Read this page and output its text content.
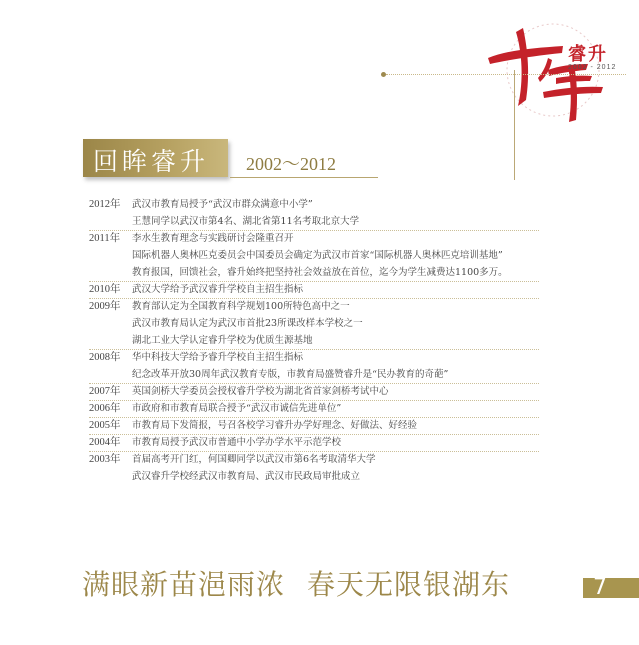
睿升
2002 - 2012
回眸睿升 2002～2012
2012年	武汉市教育局授予“武汉市群众满意中小学”
王慧同学以武汉市第4名、湖北省第11名考取北京大学
2011年	李水生教育理念与实践研讨会隆重召开
国际机器人奥林匹克委员会中国委员会确定为武汉市首家“国际机器人奥林匹克培训基地”
教育报国，回馈社会，睿升始终把坚持社会效益放在首位，迄今为学生减费达1100多万。
2010年	武汉大学给予武汉睿升学校自主招生指标
2009年	教育部认定为全国教育科学规划100所特色高中之一
武汉市教育局认定为武汉市首批23所课改样本学校之一
湖北工业大学认定睿升学校为优质生源基地
2008年	华中科技大学给予睿升学校自主招生指标
纪念改革开放30周年武汉教育专版，市教育局盛赞睿升是“民办教育的奇葩”
2007年	英国剑桥大学委员会授权睿升学校为湖北省首家剑桥考试中心
2006年	市政府和市教育局联合授予“武汉市诚信先进单位”
2005年	市教育局下发简报，号召各校学习睿升办学好理念、好做法、好经验
2004年	市教育局授予武汉市普通中小学办学水平示范学校
2003年	首届高考开门红，何国卿同学以武汉市第6名考取清华大学
武汉睿升学校经武汉市教育局、武汉市民政局审批成立
满眼新苗浥雨浓 春天无限银湖东	7
